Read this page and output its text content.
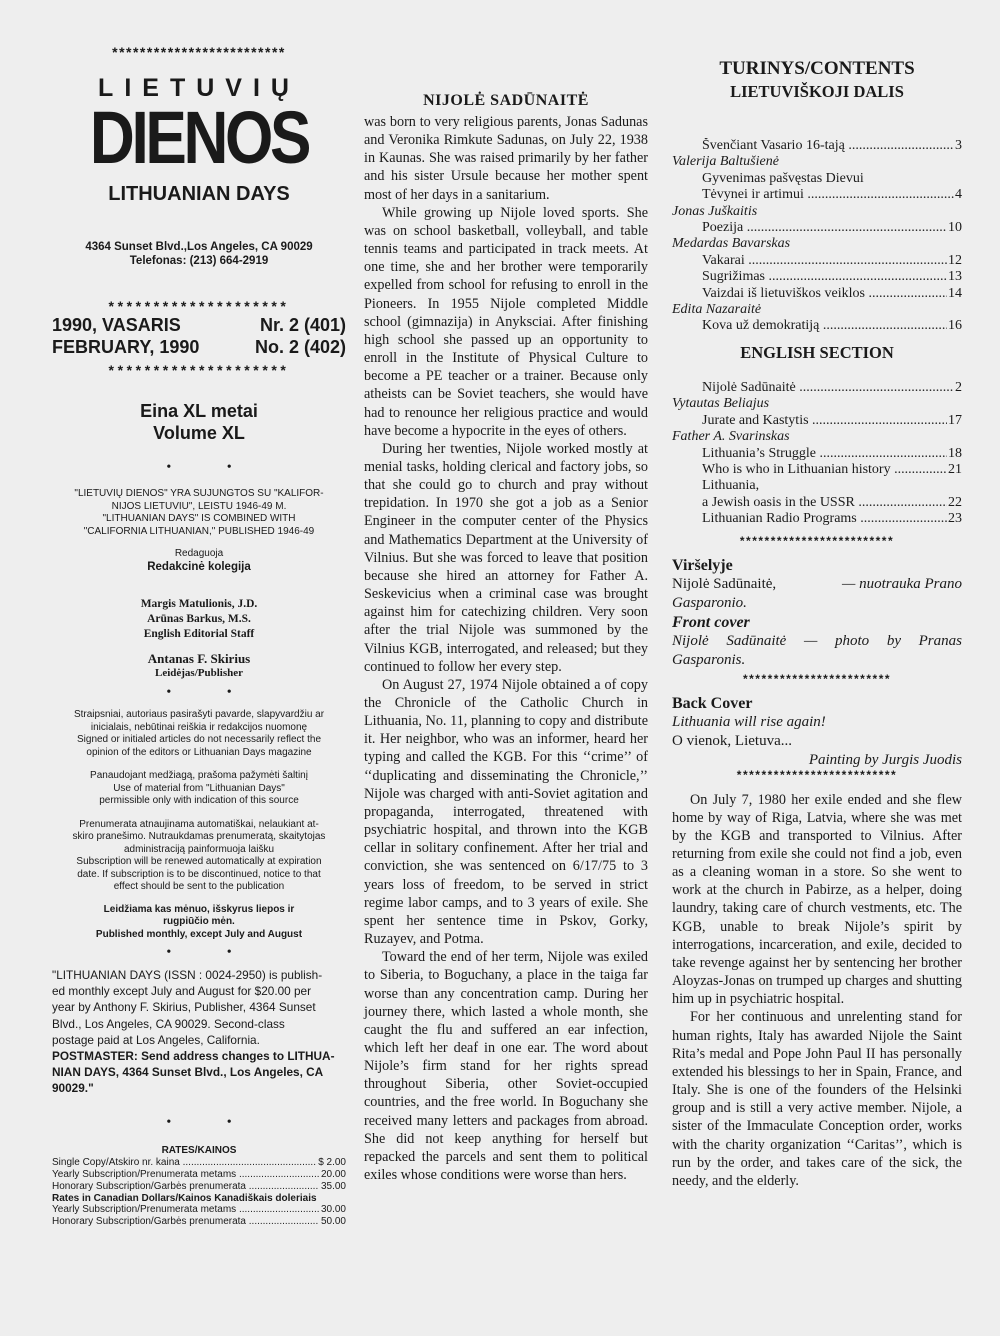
*************************
LIETUVIŲ
DIENOS
LITHUANIAN DAYS
4364 Sunset Blvd.,Los Angeles, CA 90029
Telefonas: (213) 664-2919
********************
1990, VASARIS	Nr. 2 (401)
FEBRUARY, 1990	No. 2 (402)
********************
Eina XL metai
Volume XL
• •
"LIETUVIŲ DIENOS" YRA SUJUNGTOS SU "KALIFOR-
NIJOS LIETUVIU", LEISTU 1946-49 M.
"LITHUANIAN DAYS" IS COMBINED WITH
"CALIFORNIA LITHUANIAN," PUBLISHED 1946-49
Redaguoja
Redakcinė kolegija
Margis Matulionis, J.D.
Arūnas Barkus, M.S.
English Editorial Staff
Antanas F. Skirius
Leidėjas/Publisher
• •
Straipsniai, autoriaus pasirašyti pavarde, slapyvardžiu ar
inicialais, nebūtinai reiškia ir redakcijos nuomonę
Signed or initialed articles do not necessarily reflect the
opinion of the editors or Lithuanian Days magazine
Panaudojant medžiagą, prašoma pažymėti šaltinį
Use of material from "Lithuanian Days"
permissible only with indication of this source
Prenumerata atnaujinama automatiškai, nelaukiant at-
skiro pranešimo. Nutraukdamas prenumeratą, skaitytojas
administraciją painformuoja laišku
Subscription will be renewed automatically at expiration
date. If subscription is to be discontinued, notice to that
effect should be sent to the publication
Leidžiama kas mėnuo, išskyrus liepos ir
rugpiūčio mėn.
Published monthly, except July and August
• •
"LITHUANIAN DAYS (ISSN : 0024-2950) is publish-
ed monthly except July and August for $20.00 per
year by Anthony F. Skirius, Publisher, 4364 Sunset
Blvd., Los Angeles, CA 90029. Second-class
postage paid at Los Angeles, California.
POSTMASTER: Send address changes to LITHUA-
NIAN DAYS, 4364 Sunset Blvd., Los Angeles, CA
90029."
• •
RATES/KAINOS
Single Copy/Atskiro nr. kaina .....	$ 2.00
Yearly Subscription/Prenumerata metams .....	20.00
Honorary Subscription/Garbės prenumerata .....	35.00
Rates in Canadian Dollars/Kainos Kanadiškais doleriais
Yearly Subscription/Prenumerata metams .....	30.00
Honorary Subscription/Garbės prenumerata .....	50.00
NIJOLĖ SADŪNAITĖ

was born to very religious parents, Jonas Sadunas and Veronika Rimkute Sadunas, on July 22, 1938 in Kaunas. She was raised primarily by her father and his sister Ursule because her mother spent most of her days in a sanitarium.

While growing up Nijole loved sports. She was on school basketball, volleyball, and table tennis teams and participated in track meets. At one time, she and her brother were temporarily expelled from school for refusing to enroll in the Pioneers. In 1955 Nijole completed Middle school (gimnazija) in Anyksciai. After finishing high school she passed up an opportunity to enroll in the Institute of Physical Culture to become a PE teacher or a trainer. Because only atheists can be Soviet teachers, she would have had to renounce her religious practice and would have become a hypocrite in the eyes of others.

During her twenties, Nijole worked mostly at menial tasks, holding clerical and factory jobs, so that she could go to church and pray without trepidation. In 1970 she got a job as a Senior Engineer in the computer center of the Physics and Mathematics Department at the University of Vilnius. But she was forced to leave that position because she hired an attorney for Father A. Seskevicius when a criminal case was brought against him for catechizing children. Very soon after the trial Nijole was summoned by the Vilnius KGB, interrogated, and released; but they continued to follow her every step.

On August 27, 1974 Nijole obtained a of copy the Chronicle of the Catholic Church in Lithuania, No. 11, planning to copy and distribute it. Her neighbor, who was an informer, heard her typing and called the KGB. For this ‘‘crime’’ of ‘‘duplicating and disseminating the Chronicle,’’ Nijole was charged with anti-Soviet agitation and propaganda, interrogated, threatened with psychiatric hospital, and thrown into the KGB cellar in solitary confinement. After her trial and conviction, she was sentenced on 6/17/75 to 3 years loss of freedom, to be served in strict regime labor camps, and to 3 years of exile. She spent her sentence time in Pskov, Gorky, Ruzayev, and Potma.

Toward the end of her term, Nijole was exiled to Siberia, to Boguchany, a place in the taiga far worse than any concentration camp. During her journey there, which lasted a whole month, she caught the flu and suffered an ear infection, which left her deaf in one ear. The word about Nijole’s firm stand for her rights spread throughout Siberia, other Soviet-occupied countries, and the free world. In Boguchany she received many letters and packages from abroad. She did not keep anything for herself but repacked the parcels and sent them to political exiles whose conditions were worse than hers.

TURINYS/CONTENTS
LIETUVIŠKOJI DALIS
Švenčiant Vasario 16-tają .....	3
Valerija Baltušienė
Gyvenimas pašvęstas Dievui
Tėvynei ir artimui .....	4
Jonas Juškaitis
Poezija .....	10
Medardas Bavarskas
Vakarai .....	12
Sugrižimas .....	13
Vaizdai iš lietuviškos veiklos .....	14
Edita Nazaraitė
Kova už demokratiją .....	16
ENGLISH SECTION
Nijolė Sadūnaitė .....	2
Vytautas Beliajus
Jurate and Kastytis .....	17
Father A. Svarinskas
Lithuania’s Struggle .....	18
Who is who in Lithuanian history .....	21
Lithuania,
a Jewish oasis in the USSR .....	22
Lithuanian Radio Programs .....	23
*************************
Viršelyje
Nijolė Sadūnaitė,	— nuotrauka Prano
Gasparonio.
Front cover
Nijolė Sadūnaitė — photo by Pranas
Gasparonis.
************************
Back Cover
Lithuania will rise again!
O vienok, Lietuva...
Painting by Jurgis Juodis
**************************

On July 7, 1980 her exile ended and she flew home by way of Riga, Latvia, where she was met by the KGB and transported to Vilnius. After returning from exile she could not find a job, even as a cleaning woman in a store. So she went to work at the church in Pabirze, as a helper, doing laundry, taking care of church vestments, etc. The KGB, unable to break Nijole’s spirit by interrogations, incarceration, and exile, decided to take revenge against her by sentencing her brother Aloyzas-Jonas on trumped up charges and shutting him up in psychiatric hospital.

For her continuous and unrelenting stand for human rights, Italy has awarded Nijole the Saint Rita’s medal and Pope John Paul II has personally extended his blessings to her in Spain, France, and Italy. She is one of the founders of the Helsinki group and is still a very active member. Nijole, a sister of the Immaculate Conception order, works with the charity organization ‘‘Caritas’’, which is run by the order, and takes care of the sick, the needy, and the elderly.
